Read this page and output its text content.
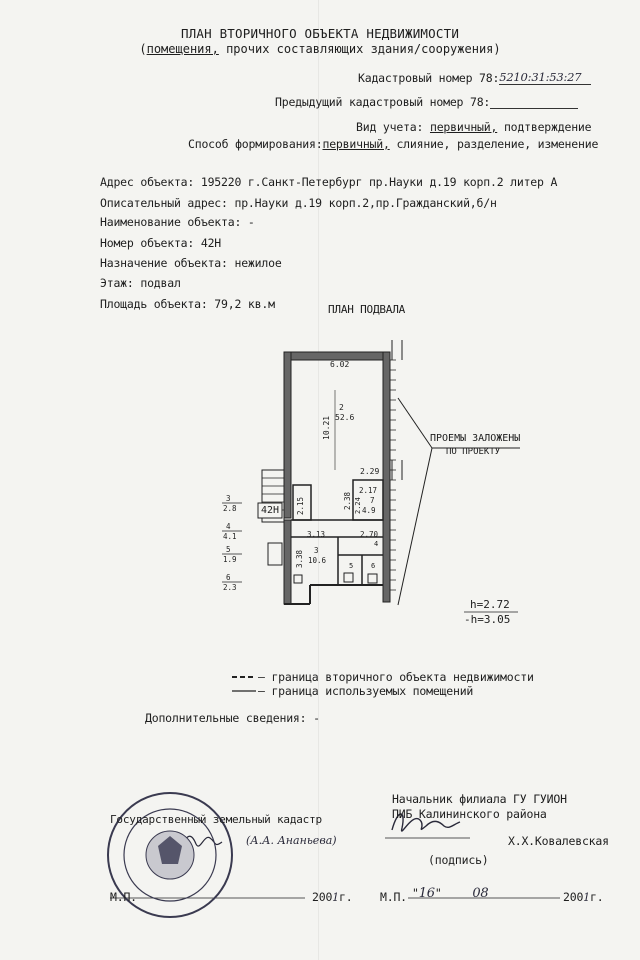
ПЛАН ВТОРИЧНОГО ОБЪЕКТА НЕДВИЖИМОСТИ
(помещения, прочих составляющих здания/сооружения)
Кадастровый номер 78:5210:31:53:27
Предыдущий кадастровый номер 78:
Вид учета: первичный, подтверждение
Способ формирования:первичный, слияние, разделение, изменение
Адрес объекта: 195220 г.Санкт-Петербург пр.Науки д.19 корп.2 литер А
Описательный адрес: пр.Науки д.19 корп.2,пр.Гражданский,б/н
Наименование объекта: -
Номер объекта: 42Н
Назначение объекта: нежилое
Этаж: подвал
Площадь объекта: 79,2 кв.м	ПЛАН ПОДВАЛА
6.02
2
52.6
10.21
2.29
2.17
7
4.9
2.38 2.24
2.15
42Н
3.13	2.70
4
3
10.6
3.38	5	6
3
2.8
4
4.1
5
1.9
6
2.3
ПРОЕМЫ ЗАЛОЖЕНЫ
ПО ПРОЕКТУ
h=2.72
-h=3.05
— граница вторичного объекта недвижимости
— граница используемых помещений
Дополнительные сведения: -
Государственный земельный кадастр
(А.А. Ананьева)
М.П.	2001г.
Начальник филиала ГУ ГУИОН
ПИБ Калининского района
Х.Х.Ковалевская
(подпись)
М.П. "16" 08	2001г.
